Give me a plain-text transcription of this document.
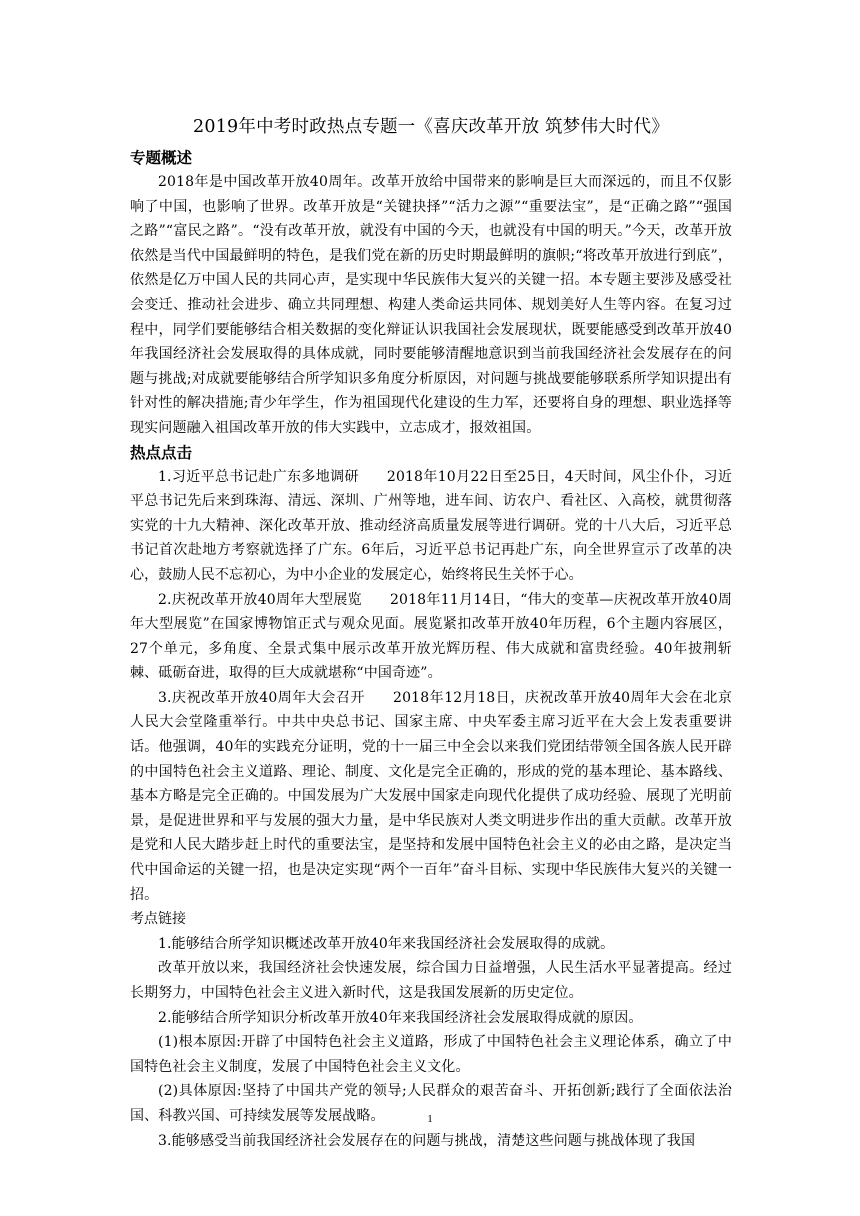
2019年中考时政热点专题一《喜庆改革开放 筑梦伟大时代》
专题概述

2018年是中国改革开放40周年。改革开放给中国带来的影响是巨大而深远的，而且不仅影响了中国，也影响了世界。改革开放是“关键抉择”“活力之源”“重要法宝”，是“正确之路”“强国之路”“富民之路”。“没有改革开放，就没有中国的今天，也就没有中国的明天。”今天，改革开放依然是当代中国最鲜明的特色，是我们党在新的历史时期最鲜明的旗帜;“将改革开放进行到底”，依然是亿万中国人民的共同心声，是实现中华民族伟大复兴的关键一招。本专题主要涉及感受社会变迁、推动社会进步、确立共同理想、构建人类命运共同体、规划美好人生等内容。在复习过程中，同学们要能够结合相关数据的变化辩证认识我国社会发展现状，既要能感受到改革开放40年我国经济社会发展取得的具体成就，同时要能够清醒地意识到当前我国经济社会发展存在的问题与挑战;对成就要能够结合所学知识多角度分析原因，对问题与挑战要能够联系所学知识提出有针对性的解决措施;青少年学生，作为祖国现代化建设的生力军，还要将自身的理想、职业选择等现实问题融入祖国改革开放的伟大实践中，立志成才，报效祖国。

热点点击

1.习近平总书记赴广东多地调研 2018年10月22日至25日，4天时间，风尘仆仆，习近平总书记先后来到珠海、清远、深圳、广州等地，进车间、访农户、看社区、入高校，就贯彻落实党的十九大精神、深化改革开放、推动经济高质量发展等进行调研。党的十八大后，习近平总书记首次赴地方考察就选择了广东。6年后，习近平总书记再赴广东，向全世界宣示了改革的决心，鼓励人民不忘初心，为中小企业的发展定心，始终将民生关怀于心。

2.庆祝改革开放40周年大型展览 2018年11月14日，“伟大的变革—庆祝改革开放40周年大型展览”在国家博物馆正式与观众见面。展览紧扣改革开放40年历程，6个主题内容展区，27个单元，多角度、全景式集中展示改革开放光辉历程、伟大成就和富贵经验。40年披荆斩棘、砥砺奋进，取得的巨大成就堪称“中国奇迹”。

3.庆祝改革开放40周年大会召开 2018年12月18日，庆祝改革开放40周年大会在北京人民大会堂隆重举行。中共中央总书记、国家主席、中央军委主席习近平在大会上发表重要讲话。他强调，40年的实践充分证明，党的十一届三中全会以来我们党团结带领全国各族人民开辟的中国特色社会主义道路、理论、制度、文化是完全正确的，形成的党的基本理论、基本路线、基本方略是完全正确的。中国发展为广大发展中国家走向现代化提供了成功经验、展现了光明前景，是促进世界和平与发展的强大力量，是中华民族对人类文明进步作出的重大贡献。改革开放是党和人民大踏步赶上时代的重要法宝，是坚持和发展中国特色社会主义的必由之路，是决定当代中国命运的关键一招，也是决定实现“两个一百年”奋斗目标、实现中华民族伟大复兴的关键一招。

考点链接

1.能够结合所学知识概述改革开放40年来我国经济社会发展取得的成就。

改革开放以来，我国经济社会快速发展，综合国力日益增强，人民生活水平显著提高。经过长期努力，中国特色社会主义进入新时代，这是我国发展新的历史定位。

2.能够结合所学知识分析改革开放40年来我国经济社会发展取得成就的原因。

(1)根本原因:开辟了中国特色社会主义道路，形成了中国特色社会主义理论体系，确立了中国特色社会主义制度，发展了中国特色社会主义文化。

(2)具体原因:坚持了中国共产党的领导;人民群众的艰苦奋斗、开拓创新;践行了全面依法治国、科教兴国、可持续发展等发展战略。

3.能够感受当前我国经济社会发展存在的问题与挑战，清楚这些问题与挑战体现了我国

1
